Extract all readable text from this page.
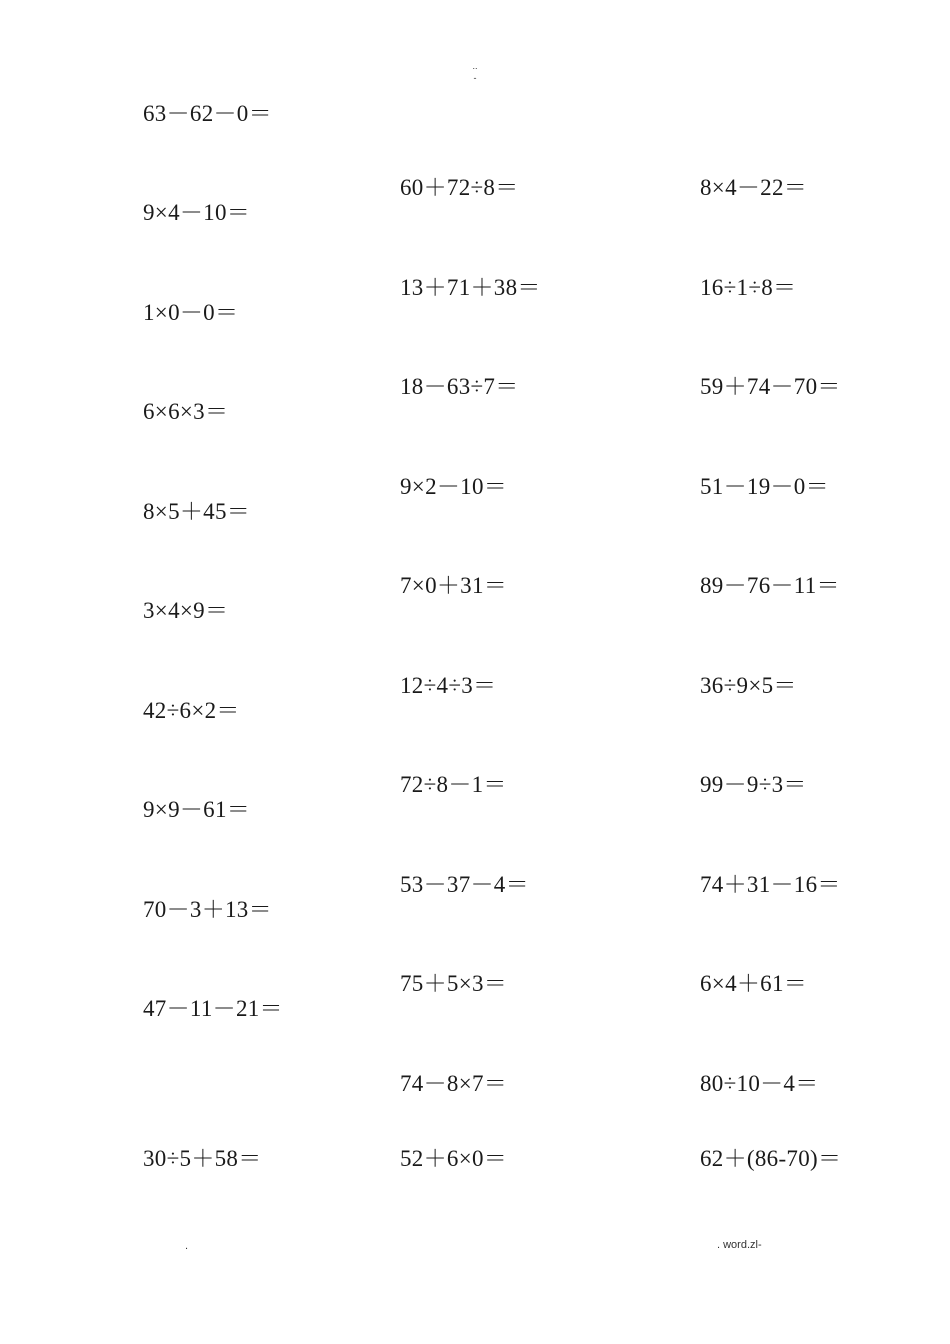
..
-
63－62－0＝
9×4－10＝
1×0－0＝
6×6×3＝
8×5＋45＝
3×4×9＝
42÷6×2＝
9×9－61＝
70－3＋13＝
47－11－21＝
30÷5＋58＝
60＋72÷8＝
13＋71＋38＝
18－63÷7＝
9×2－10＝
7×0＋31＝
12÷4÷3＝
72÷8－1＝
53－37－4＝
75＋5×3＝
74－8×7＝
52＋6×0＝
8×4－22＝
16÷1÷8＝
59＋74－70＝
51－19－0＝
89－76－11＝
36÷9×5＝
99－9÷3＝
74＋31－16＝
6×4＋61＝
80÷10－4＝
62＋(86-70)＝
.	. word.zl-
